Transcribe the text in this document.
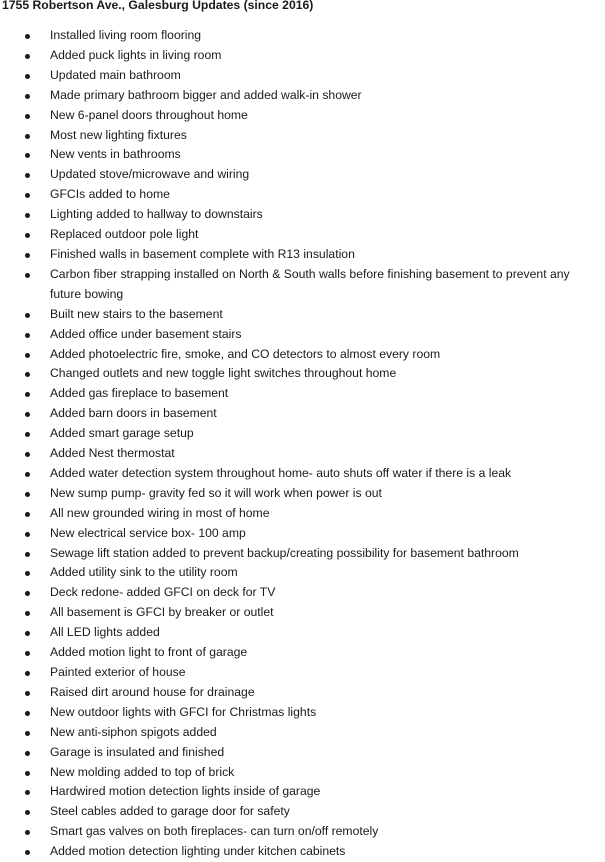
1755 Robertson Ave., Galesburg Updates (since 2016)
Installed living room flooring
Added puck lights in living room
Updated main bathroom
Made primary bathroom bigger and added walk-in shower
New 6-panel doors throughout home
Most new lighting fixtures
New vents in bathrooms
Updated stove/microwave and wiring
GFCIs added to home
Lighting added to hallway to downstairs
Replaced outdoor pole light
Finished walls in basement complete with R13 insulation
Carbon fiber strapping installed on North & South walls before finishing basement to prevent any future bowing
Built new stairs to the basement
Added office under basement stairs
Added photoelectric fire, smoke, and CO detectors to almost every room
Changed outlets and new toggle light switches throughout home
Added gas fireplace to basement
Added barn doors in basement
Added smart garage setup
Added Nest thermostat
Added water detection system throughout home- auto shuts off water if there is a leak
New sump pump- gravity fed so it will work when power is out
All new grounded wiring in most of home
New electrical service box- 100 amp
Sewage lift station added to prevent backup/creating possibility for basement bathroom
Added utility sink to the utility room
Deck redone- added GFCI on deck for TV
All basement is GFCI by breaker or outlet
All LED lights added
Added motion light to front of garage
Painted exterior of house
Raised dirt around house for drainage
New outdoor lights with GFCI for Christmas lights
New anti-siphon spigots added
Garage is insulated and finished
New molding added to top of brick
Hardwired motion detection lights inside of garage
Steel cables added to garage door for safety
Smart gas valves on both fireplaces- can turn on/off remotely
Added motion detection lighting under kitchen cabinets
